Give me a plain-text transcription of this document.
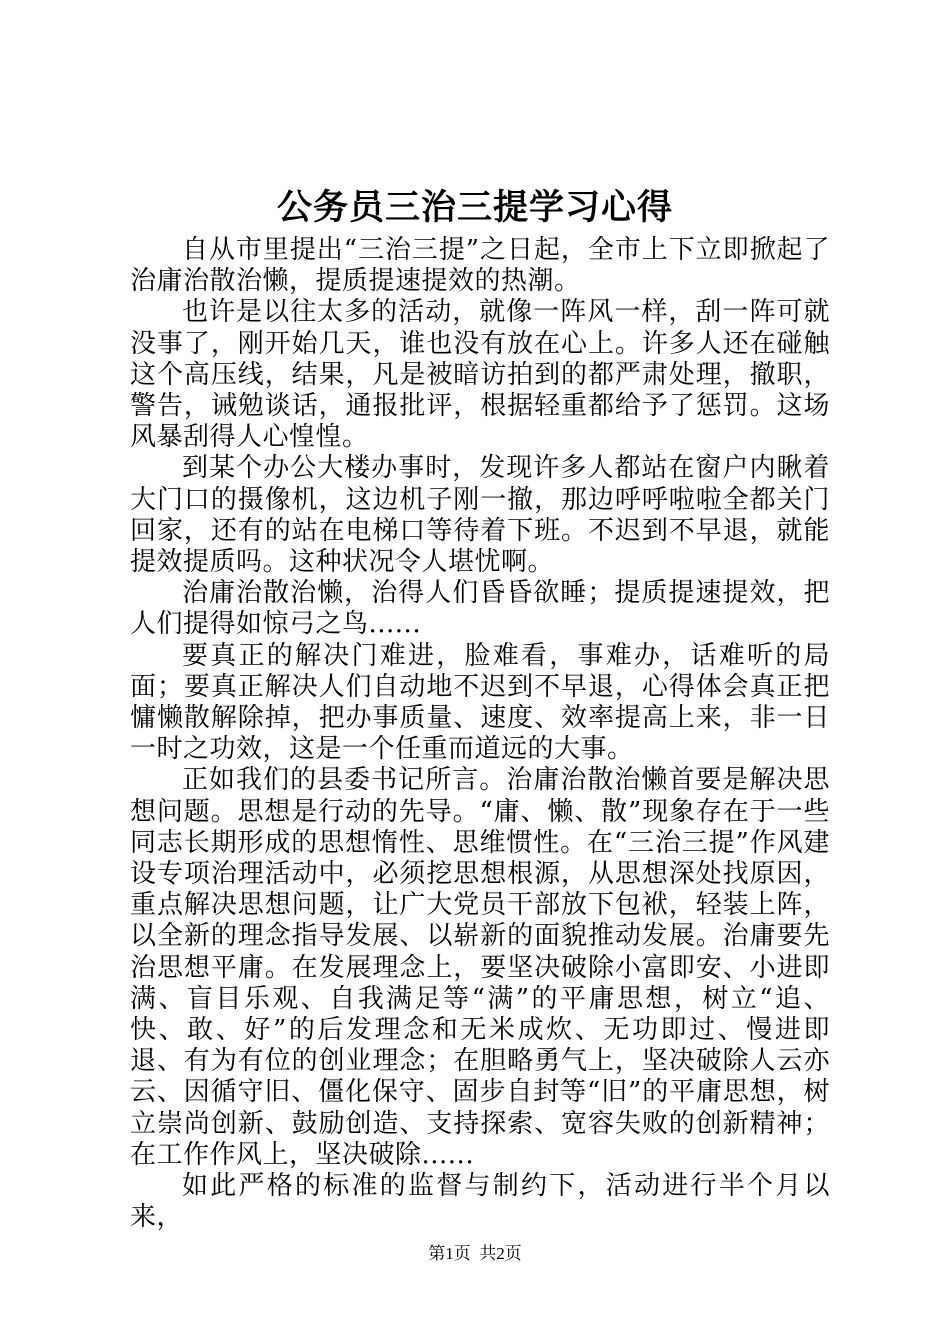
公务员三治三提学习心得

自从市里提出“三治三提”之日起，全市上下立即掀起了治庸治散治懒，提质提速提效的热潮。

也许是以往太多的活动，就像一阵风一样，刮一阵可就没事了，刚开始几天，谁也没有放在心上。许多人还在碰触这个高压线，结果，凡是被暗访拍到的都严肃处理，撤职，警告，诫勉谈话，通报批评，根据轻重都给予了惩罚。这场风暴刮得人心惶惶。

到某个办公大楼办事时，发现许多人都站在窗户内瞅着大门口的摄像机，这边机子刚一撤，那边呼呼啦啦全都关门回家，还有的站在电梯口等待着下班。不迟到不早退，就能提效提质吗。这种状况令人堪忧啊。

治庸治散治懒，治得人们昏昏欲睡；提质提速提效，把人们提得如惊弓之鸟......

要真正的解决门难进，脸难看，事难办，话难听的局面；要真正解决人们自动地不迟到不早退，心得体会真正把慵懒散解除掉，把办事质量、速度、效率提高上来，非一日一时之功效，这是一个任重而道远的大事。

正如我们的县委书记所言。治庸治散治懒首要是解决思想问题。思想是行动的先导。“庸、懒、散”现象存在于一些同志长期形成的思想惰性、思维惯性。在“三治三提”作风建设专项治理活动中，必须挖思想根源，从思想深处找原因，重点解决思想问题，让广大党员干部放下包袱，轻装上阵，以全新的理念指导发展、以崭新的面貌推动发展。治庸要先治思想平庸。在发展理念上，要坚决破除小富即安、小进即满、盲目乐观、自我满足等“满”的平庸思想，树立“追、快、敢、好”的后发理念和无米成炊、无功即过、慢进即退、有为有位的创业理念；在胆略勇气上，坚决破除人云亦云、因循守旧、僵化保守、固步自封等“旧”的平庸思想，树立崇尚创新、鼓励创造、支持探索、宽容失败的创新精神；在工作作风上，坚决破除......

如此严格的标准的监督与制约下，活动进行半个月以来，

第1页 共2页
